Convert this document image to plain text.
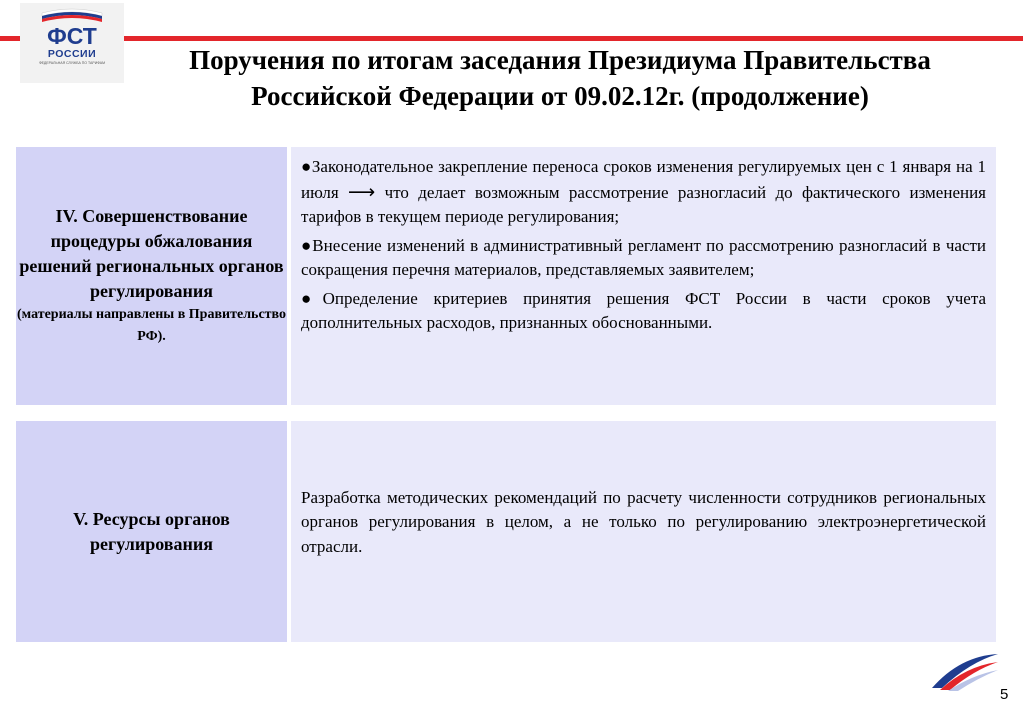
ФСТ
РОССИИ
ФЕДЕРАЛЬНАЯ СЛУЖБА ПО ТАРИФАМ	Поручения по итогам заседания Президиума Правительства
Российской Федерации от 09.02.12г. (продолжение)
IV. Совершенствование процедуры обжалования решений региональных органов регулирования
(материалы направлены в Правительство РФ).

●Законодательное закрепление переноса сроков изменения регулируемых цен с 1 января на 1 июля ⟶ что делает возможным рассмотрение разногласий до фактического изменения тарифов в текущем периоде регулирования;

●Внесение изменений в административный регламент по рассмотрению разногласий в части сокращения перечня материалов, представляемых заявителем;

●Определение критериев принятия решения ФСТ России в части сроков учета дополнительных расходов, признанных обоснованными.

V. Ресурсы органов регулирования
Разработка методических рекомендаций по расчету численности сотрудников региональных органов регулирования в целом, а не только по регулированию электроэнергетической отрасли.
5
